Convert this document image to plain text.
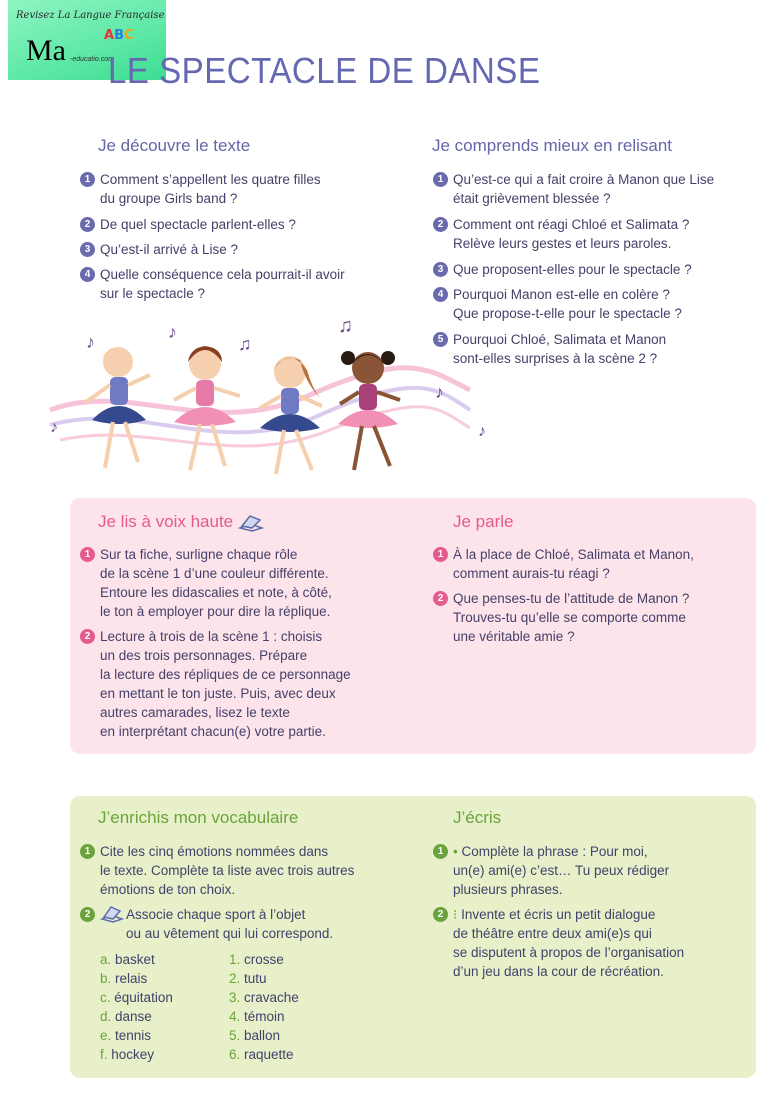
Revisez La Langue Française
Ma	ABC
-educatio.com
LE SPECTACLE DE DANSE
Je découvre le texte
1 Comment s’appellent les quatre filles
du groupe Girls band ?
2 De quel spectacle parlent-elles ?
3 Qu’est-il arrivé à Lise ?
4 Quelle conséquence cela pourrait-il avoir
sur le spectacle ?
Je comprends mieux en relisant
1 Qu’est-ce qui a fait croire à Manon que Lise
était grièvement blessée ?
2 Comment ont réagi Chloé et Salimata ?
Relève leurs gestes et leurs paroles.
3 Que proposent-elles pour le spectacle ?
4 Pourquoi Manon est-elle en colère ?
Que propose-t-elle pour le spectacle ?
5 Pourquoi Chloé, Salimata et Manon
sont-elles surprises à la scène 2 ?
♪	♪
♫
♫
♪
♪	♪
Je lis à voix haute
1 Sur ta fiche, surligne chaque rôle
de la scène 1 d’une couleur différente.
Entoure les didascalies et note, à côté,
le ton à employer pour dire la réplique.
2 Lecture à trois de la scène 1 : choisis
un des trois personnages. Prépare
la lecture des répliques de ce personnage
en mettant le ton juste. Puis, avec deux
autres camarades, lisez le texte
en interprétant chacun(e) votre partie.
Je parle
1 À la place de Chloé, Salimata et Manon,
comment aurais-tu réagi ?
2 Que penses-tu de l’attitude de Manon ?
Trouves-tu qu’elle se comporte comme
une véritable amie ?
J’enrichis mon vocabulaire
1 Cite les cinq émotions nommées dans
le texte. Complète ta liste avec trois autres
émotions de ton choix.
2	Associe chaque sport à l’objet
ou au vêtement qui lui correspond.
a. basket
b. relais
c. équitation
d. danse
e. tennis
f. hockey
1. crosse
2. tutu
3. cravache
4. témoin
5. ballon
6. raquette
J’écris
1 • Complète la phrase : Pour moi,
un(e) ami(e) c’est… Tu peux rédiger
plusieurs phrases.
2 ⁝ Invente et écris un petit dialogue
de théâtre entre deux ami(e)s qui
se disputent à propos de l’organisation
d’un jeu dans la cour de récréation.
